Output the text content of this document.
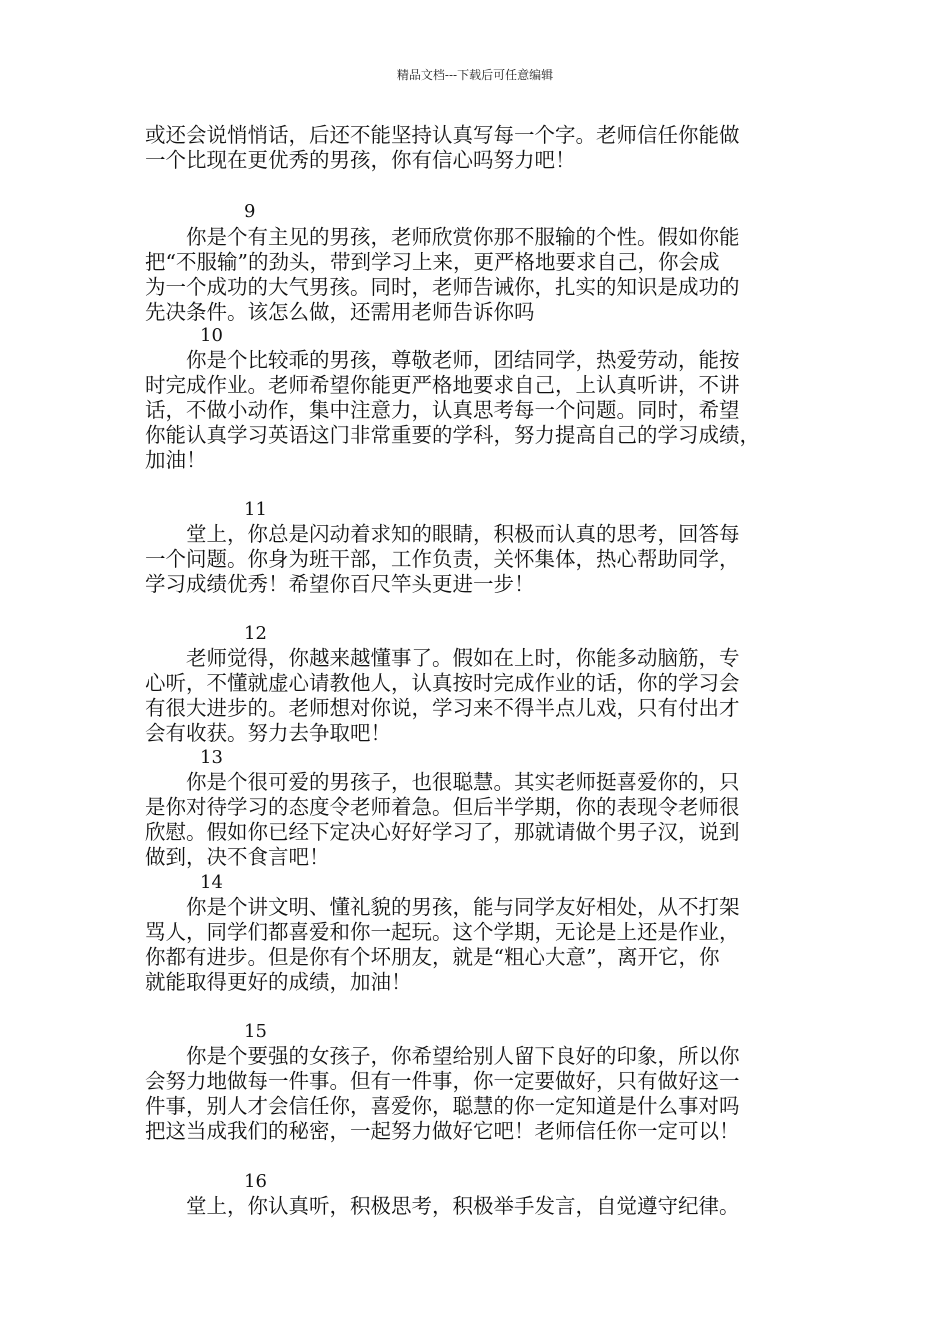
精品文档---下载后可任意编辑

或还会说悄悄话，后还不能坚持认真写每一个字。老师信任你能做

一个比现在更优秀的男孩，你有信心吗努力吧！

9

　　你是个有主见的男孩，老师欣赏你那不服输的个性。假如你能

把“不服输”的劲头，带到学习上来，更严格地要求自己，你会成

为一个成功的大气男孩。同时，老师告诫你，扎实的知识是成功的

先决条件。该怎么做，还需用老师告诉你吗

10

　　你是个比较乖的男孩，尊敬老师，团结同学，热爱劳动，能按

时完成作业。老师希望你能更严格地要求自己，上认真听讲，不讲

话，不做小动作，集中注意力，认真思考每一个问题。同时，希望

你能认真学习英语这门非常重要的学科，努力提高自己的学习成绩，

加油！

11

　　堂上，你总是闪动着求知的眼睛，积极而认真的思考，回答每

一个问题。你身为班干部，工作负责，关怀集体，热心帮助同学，

学习成绩优秀！希望你百尺竿头更进一步！

12

　　老师觉得，你越来越懂事了。假如在上时，你能多动脑筋，专

心听，不懂就虚心请教他人，认真按时完成作业的话，你的学习会

有很大进步的。老师想对你说，学习来不得半点儿戏，只有付出才

会有收获。努力去争取吧！

13

　　你是个很可爱的男孩子，也很聪慧。其实老师挺喜爱你的，只

是你对待学习的态度令老师着急。但后半学期，你的表现令老师很

欣慰。假如你已经下定决心好好学习了，那就请做个男子汉，说到

做到，决不食言吧！

14

　　你是个讲文明、懂礼貌的男孩，能与同学友好相处，从不打架

骂人，同学们都喜爱和你一起玩。这个学期，无论是上还是作业，

你都有进步。但是你有个坏朋友，就是“粗心大意”，离开它，你

就能取得更好的成绩，加油！

15

　　你是个要强的女孩子，你希望给别人留下良好的印象，所以你

会努力地做每一件事。但有一件事，你一定要做好，只有做好这一

件事，别人才会信任你，喜爱你，聪慧的你一定知道是什么事对吗

把这当成我们的秘密，一起努力做好它吧！老师信任你一定可以！

16

　　堂上，你认真听，积极思考，积极举手发言，自觉遵守纪律。
